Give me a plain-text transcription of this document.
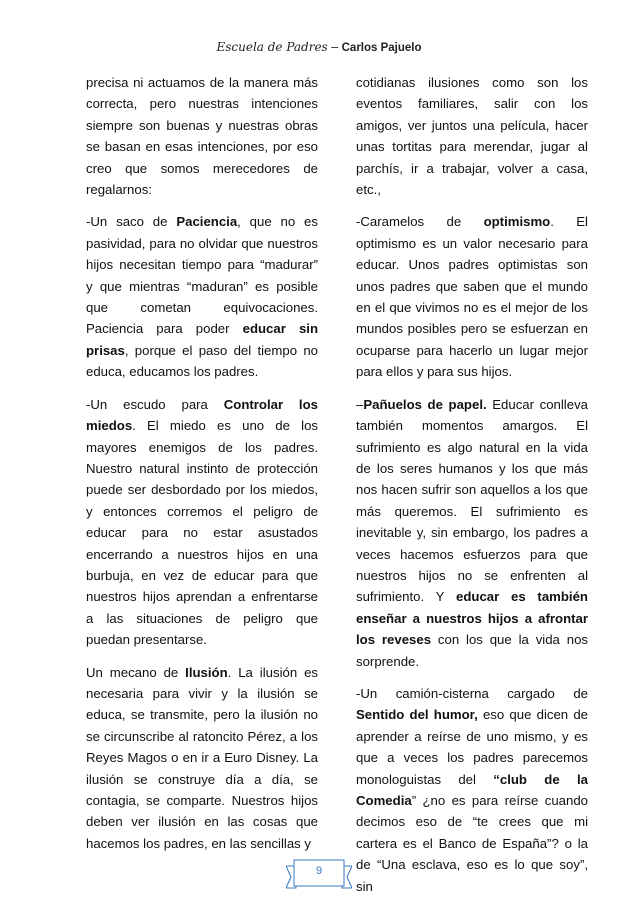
Escuela de Padres – Carlos Pajuelo

precisa ni actuamos de la manera más correcta, pero nuestras intenciones siempre son buenas y nuestras obras se basan en esas intenciones, por eso creo que somos merecedores de regalarnos:

-Un saco de Paciencia, que no es pasividad, para no olvidar que nuestros hijos necesitan tiempo para “madurar” y que mientras “maduran” es posible que cometan equivocaciones. Paciencia para poder educar sin prisas, porque el paso del tiempo no educa, educamos los padres.

-Un escudo para Controlar los miedos. El miedo es uno de los mayores enemigos de los padres. Nuestro natural instinto de protección puede ser desbordado por los miedos, y entonces corremos el peligro de educar para no estar asustados encerrando a nuestros hijos en una burbuja, en vez de educar para que nuestros hijos aprendan a enfrentarse a las situaciones de peligro que puedan presentarse.

Un mecano de Ilusión. La ilusión es necesaria para vivir y la ilusión se educa, se transmite, pero la ilusión no se circunscribe al ratoncito Pérez, a los Reyes Magos o en ir a Euro Disney. La ilusión se construye día a día, se contagia, se comparte. Nuestros hijos deben ver ilusión en las cosas que hacemos los padres, en las sencillas y

cotidianas ilusiones como son los eventos familiares, salir con los amigos, ver juntos una película, hacer unas tortitas para merendar, jugar al parchís, ir a trabajar, volver a casa, etc.,

-Caramelos de optimismo. El optimismo es un valor necesario para educar. Unos padres optimistas son unos padres que saben que el mundo en el que vivimos no es el mejor de los mundos posibles pero se esfuerzan en ocuparse para hacerlo un lugar mejor para ellos y para sus hijos.

–Pañuelos de papel. Educar conlleva también momentos amargos. El sufrimiento es algo natural en la vida de los seres humanos y los que más nos hacen sufrir son aquellos a los que más queremos. El sufrimiento es inevitable y, sin embargo, los padres a veces hacemos esfuerzos para que nuestros hijos no se enfrenten al sufrimiento. Y educar es también enseñar a nuestros hijos a afrontar los reveses con los que la vida nos sorprende.

-Un camión-cisterna cargado de Sentido del humor, eso que dicen de aprender a reírse de uno mismo, y es que a veces los padres parecemos monologuistas del “club de la Comedia” ¿no es para reírse cuando decimos eso de “te crees que mi cartera es el Banco de España”? o la de “Una esclava, eso es lo que soy”, sin

9
